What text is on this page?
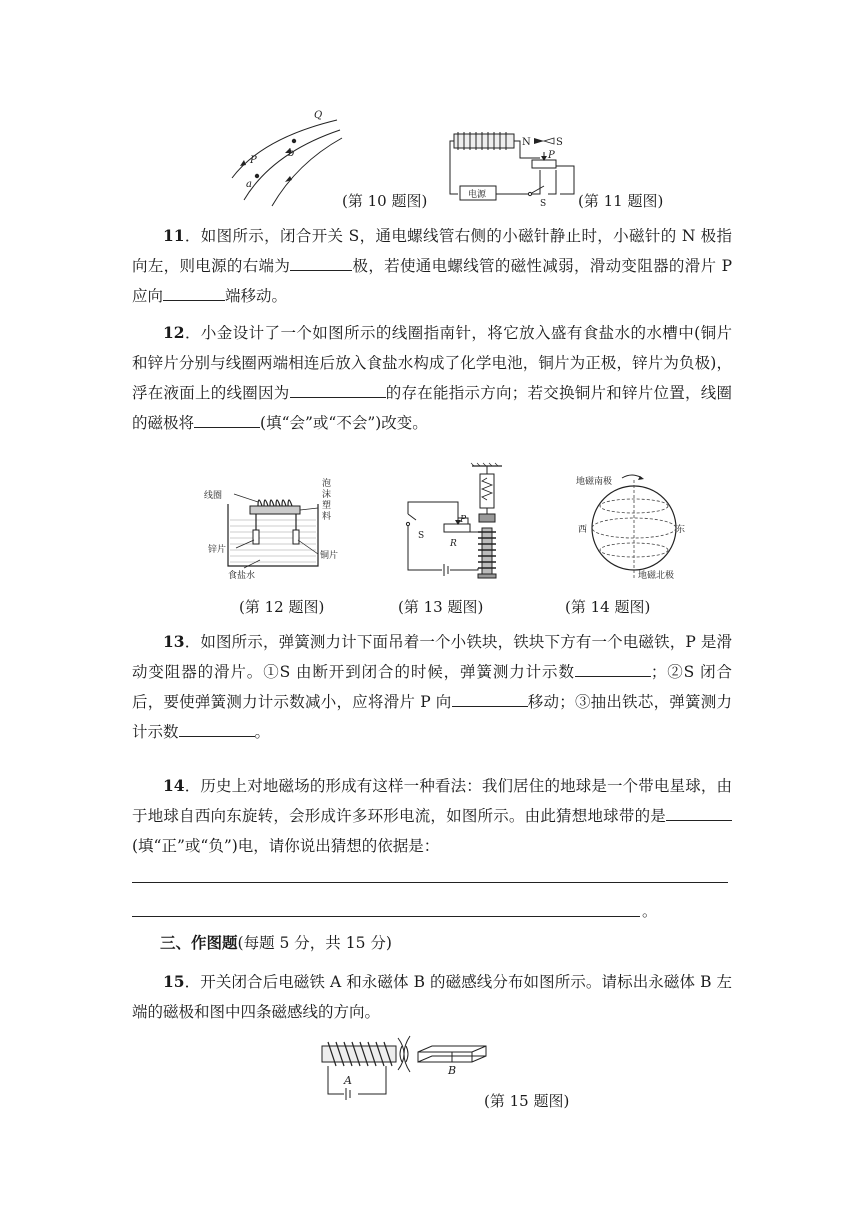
Q
P
a
b
(第 10 题图)
N	S
P
电源
S (第 11 题图)
11．如图所示，闭合开关 S，通电螺线管右侧的小磁针静止时，小磁针的 N 极指向左，则电源的右端为	极，若使通电螺线管的磁性减弱，滑动变阻器的滑片 P 应向	端移动。
12．小金设计了一个如图所示的线圈指南针，将它放入盛有食盐水的水槽中(铜片和锌片分别与线圈两端相连后放入食盐水构成了化学电池，铜片为正极，锌片为负极)，浮在液面上的线圈因为	的存在能指示方向；若交换铜片和锌片位置，线圈的磁极将	(填“会”或“不会”)改变。
线圈
泡沫塑料
锌片
铜片
食盐水
S
P
R
地磁南极
西	东
地磁北极
(第 12 题图)	(第 13 题图)	(第 14 题图)
13．如图所示，弹簧测力计下面吊着一个小铁块，铁块下方有一个电磁铁，P 是滑动变阻器的滑片。①S 由断开到闭合的时候，弹簧测力计示数	；②S 闭合后，要使弹簧测力计示数减小，应将滑片 P 向	移动；③抽出铁芯，弹簧测力计示数	。
14．历史上对地磁场的形成有这样一种看法：我们居住的地球是一个带电星球，由于地球自西向东旋转，会形成许多环形电流，如图所示。由此猜想地球带的是(填“正”或“负”)电，请你说出猜想的依据是：
。
三、作图题(每题 5 分，共 15 分)
15．开关闭合后电磁铁 A 和永磁体 B 的磁感线分布如图所示。请标出永磁体 B 左端的磁极和图中四条磁感线的方向。
A
B
(第 15 题图)
